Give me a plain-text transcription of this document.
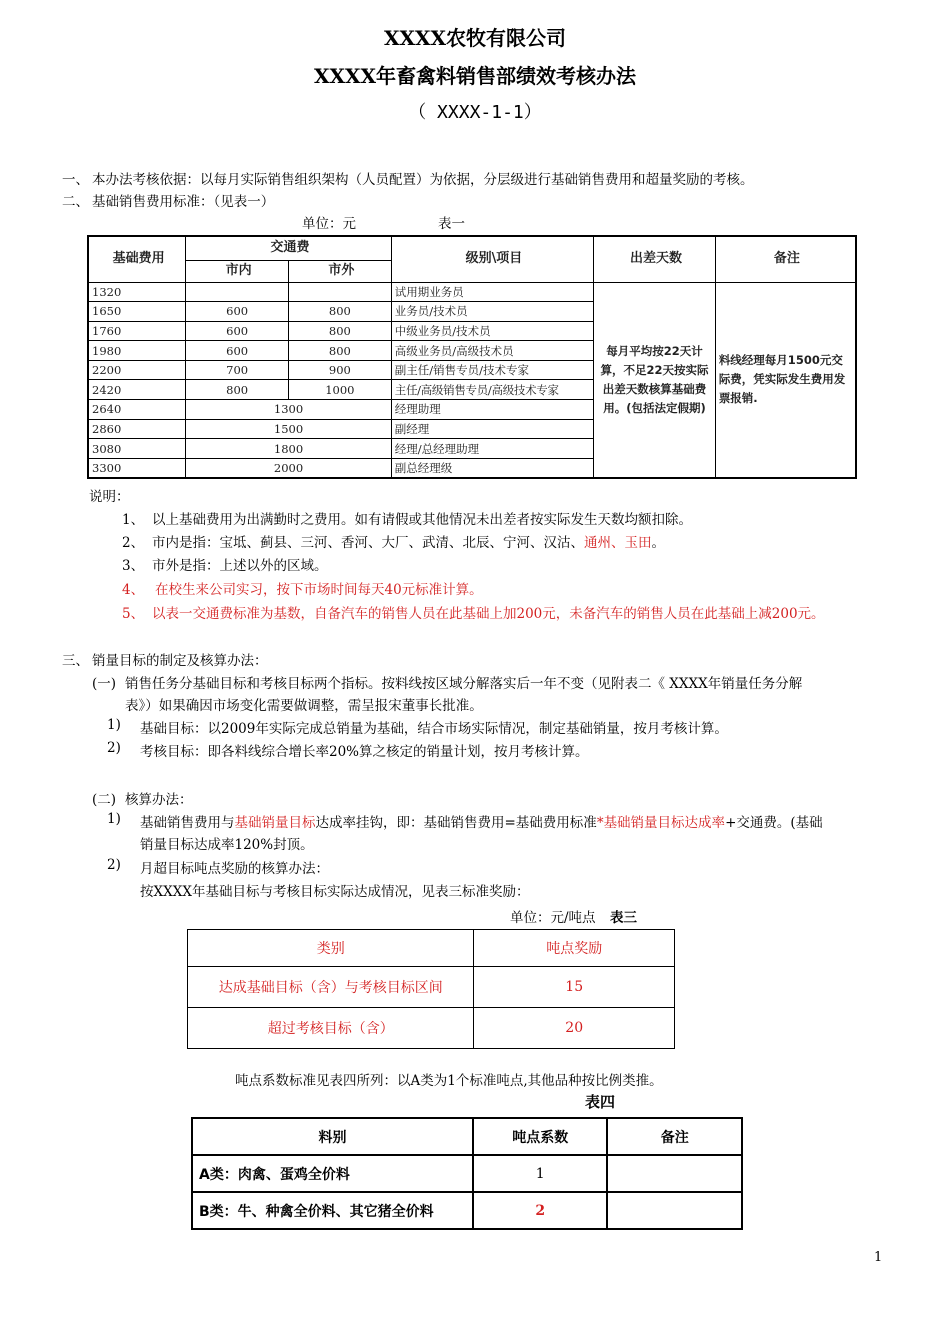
XXXX农牧有限公司
XXXX年畜禽料销售部绩效考核办法
（ XXXX-1-1）
一、 本办法考核依据：以每月实际销售组织架构（人员配置）为依据，分层级进行基础销售费用和超量奖励的考核。
二、 基础销售费用标准：（见表一）
单位：元	表一
基础费用	交通费		级别\项目	出差天数	备注
	市内	市外			
1320			试用期业务员	每月平均按22天计算，不足22天按实际出差天数核算基础费用。(包括法定假期)	料线经理每月1500元交际费，凭实际发生费用发票报销.
1650	600	800	业务员/技术员		
1760	600	800	中级业务员/技术员		
1980	600	800	高级业务员/高级技术员		
2200	700	900	副主任/销售专员/技术专家		
2420	800	1000	主任/高级销售专员/高级技术专家		
2640	1300		经理助理		
2860	1500		副经理		
3080	1800		经理/总经理助理		
3300	2000		副总经理级		
说明：
1、 以上基础费用为出满勤时之费用。如有请假或其他情况未出差者按实际发生天数均额扣除。
2、 市内是指：宝坻、蓟县、三河、香河、大厂、武清、北辰、宁河、汉沽、通州、玉田。
3、 市外是指：上述以外的区域。
4、 在校生来公司实习，按下市场时间每天40元标准计算。
5、 以表一交通费标准为基数，自备汽车的销售人员在此基础上加200元，未备汽车的销售人员在此基础上减200元。
三、 销量目标的制定及核算办法：
(一) 销售任务分基础目标和考核目标两个指标。按料线按区域分解落实后一年不变（见附表二《 XXXX年销量任务分解
表》）如果确因市场变化需要做调整，需呈报宋董事长批准。
1) 基础目标：以2009年实际完成总销量为基础，结合市场实际情况，制定基础销量，按月考核计算。
2) 考核目标：即各料线综合增长率20%算之核定的销量计划，按月考核计算。
(二) 核算办法：
1) 基础销售费用与基础销量目标达成率挂钩，即：基础销售费用=基础费用标准*基础销量目标达成率+交通费。(基础
销量目标达成率120%封顶。
2) 月超目标吨点奖励的核算办法：
按XXXX年基础目标与考核目标实际达成情况，见表三标准奖励：
单位：元/吨点 表三
类别	吨点奖励
达成基础目标（含）与考核目标区间	15
超过考核目标（含）	20
吨点系数标准见表四所列：以A类为1个标准吨点,其他品种按比例类推。
表四
料别	吨点系数	备注
A类：肉禽、蛋鸡全价料	1	
B类：牛、种禽全价料、其它猪全价料	2	
1
